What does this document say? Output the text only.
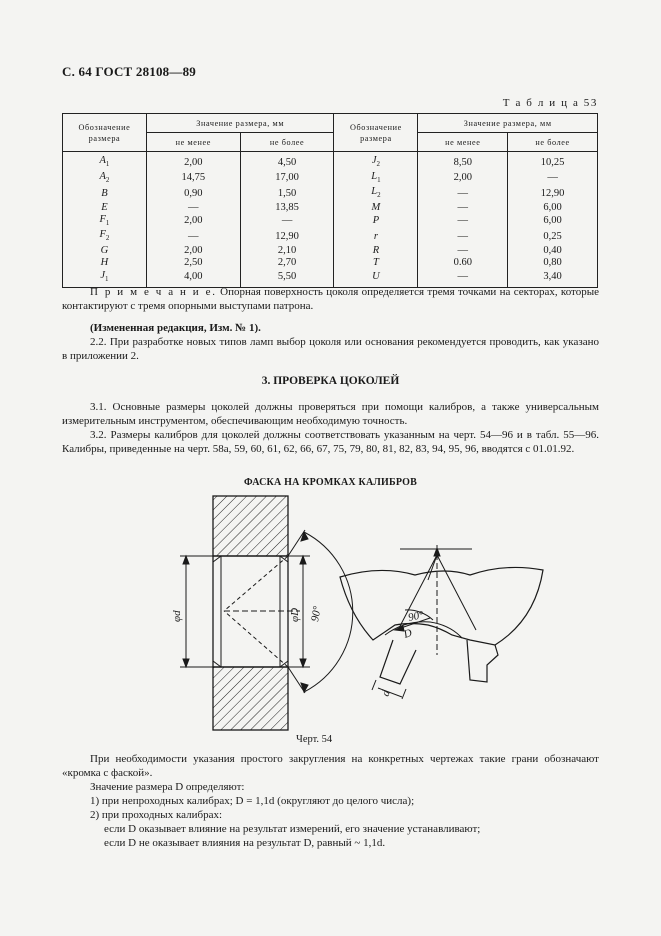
С. 64 ГОСТ 28108—89
Т а б л и ц а 53
Обозначение размера	Значение размера, мм		Обозначение размера	Значение размера, мм	
	не менее	не более		не менее	не более
$A_1$	2,00	4,50	$J_2$	8,50	10,25
$A_2$	14,75	17,00	$L_1$	2,00	—
B	0,90	1,50	$L_2$	—	12,90
E	—	13,85	M	—	6,00
$F_1$	2,00	—	P	—	6,00
$F_2$	—	12,90	r	—	0,25
G	2,00	2,10	R	—	0,40
H	2,50	2,70	T	0.60	0,80
$J_1$	4,00	5,50	U	—	3,40
П р и м е ч а н и е. Опорная поверхность цоколя определяется тремя точками на секторах, которые контактируют с тремя опорными выступами патрона.
(Измененная редакция, Изм. № 1).
2.2. При разработке новых типов ламп выбор цоколя или основания рекомендуется проводить, как указано в приложении 2.
3. ПРОВЕРКА ЦОКОЛЕЙ
3.1. Основные размеры цоколей должны проверяться при помощи калибров, а также универсальным измерительным инструментом, обеспечивающим необходимую точность.
3.2. Размеры калибров для цоколей должны соответствовать указанным на черт. 54—96 и в табл. 55—96. Калибры, приведенные на черт. 58а, 59, 60, 61, 62, 66, 67, 75, 79, 80, 81, 82, 83, 94, 95, 96, вводятся с 01.01.92.
ФАСКА НА КРОМКАХ КАЛИБРОВ
φd	φD 90°	90°
D
d
Черт. 54
При необходимости указания простого закругления на конкретных чертежах такие грани обозначают «кромка с фаской».
Значение размера D определяют:
1) при непроходных калибрах; D = 1,1d (округляют до целого числа);
2) при проходных калибрах:
если D оказывает влияние на результат измерений, его значение устанавливают;
если D не оказывает влияния на результат D, равный ~ 1,1d.
